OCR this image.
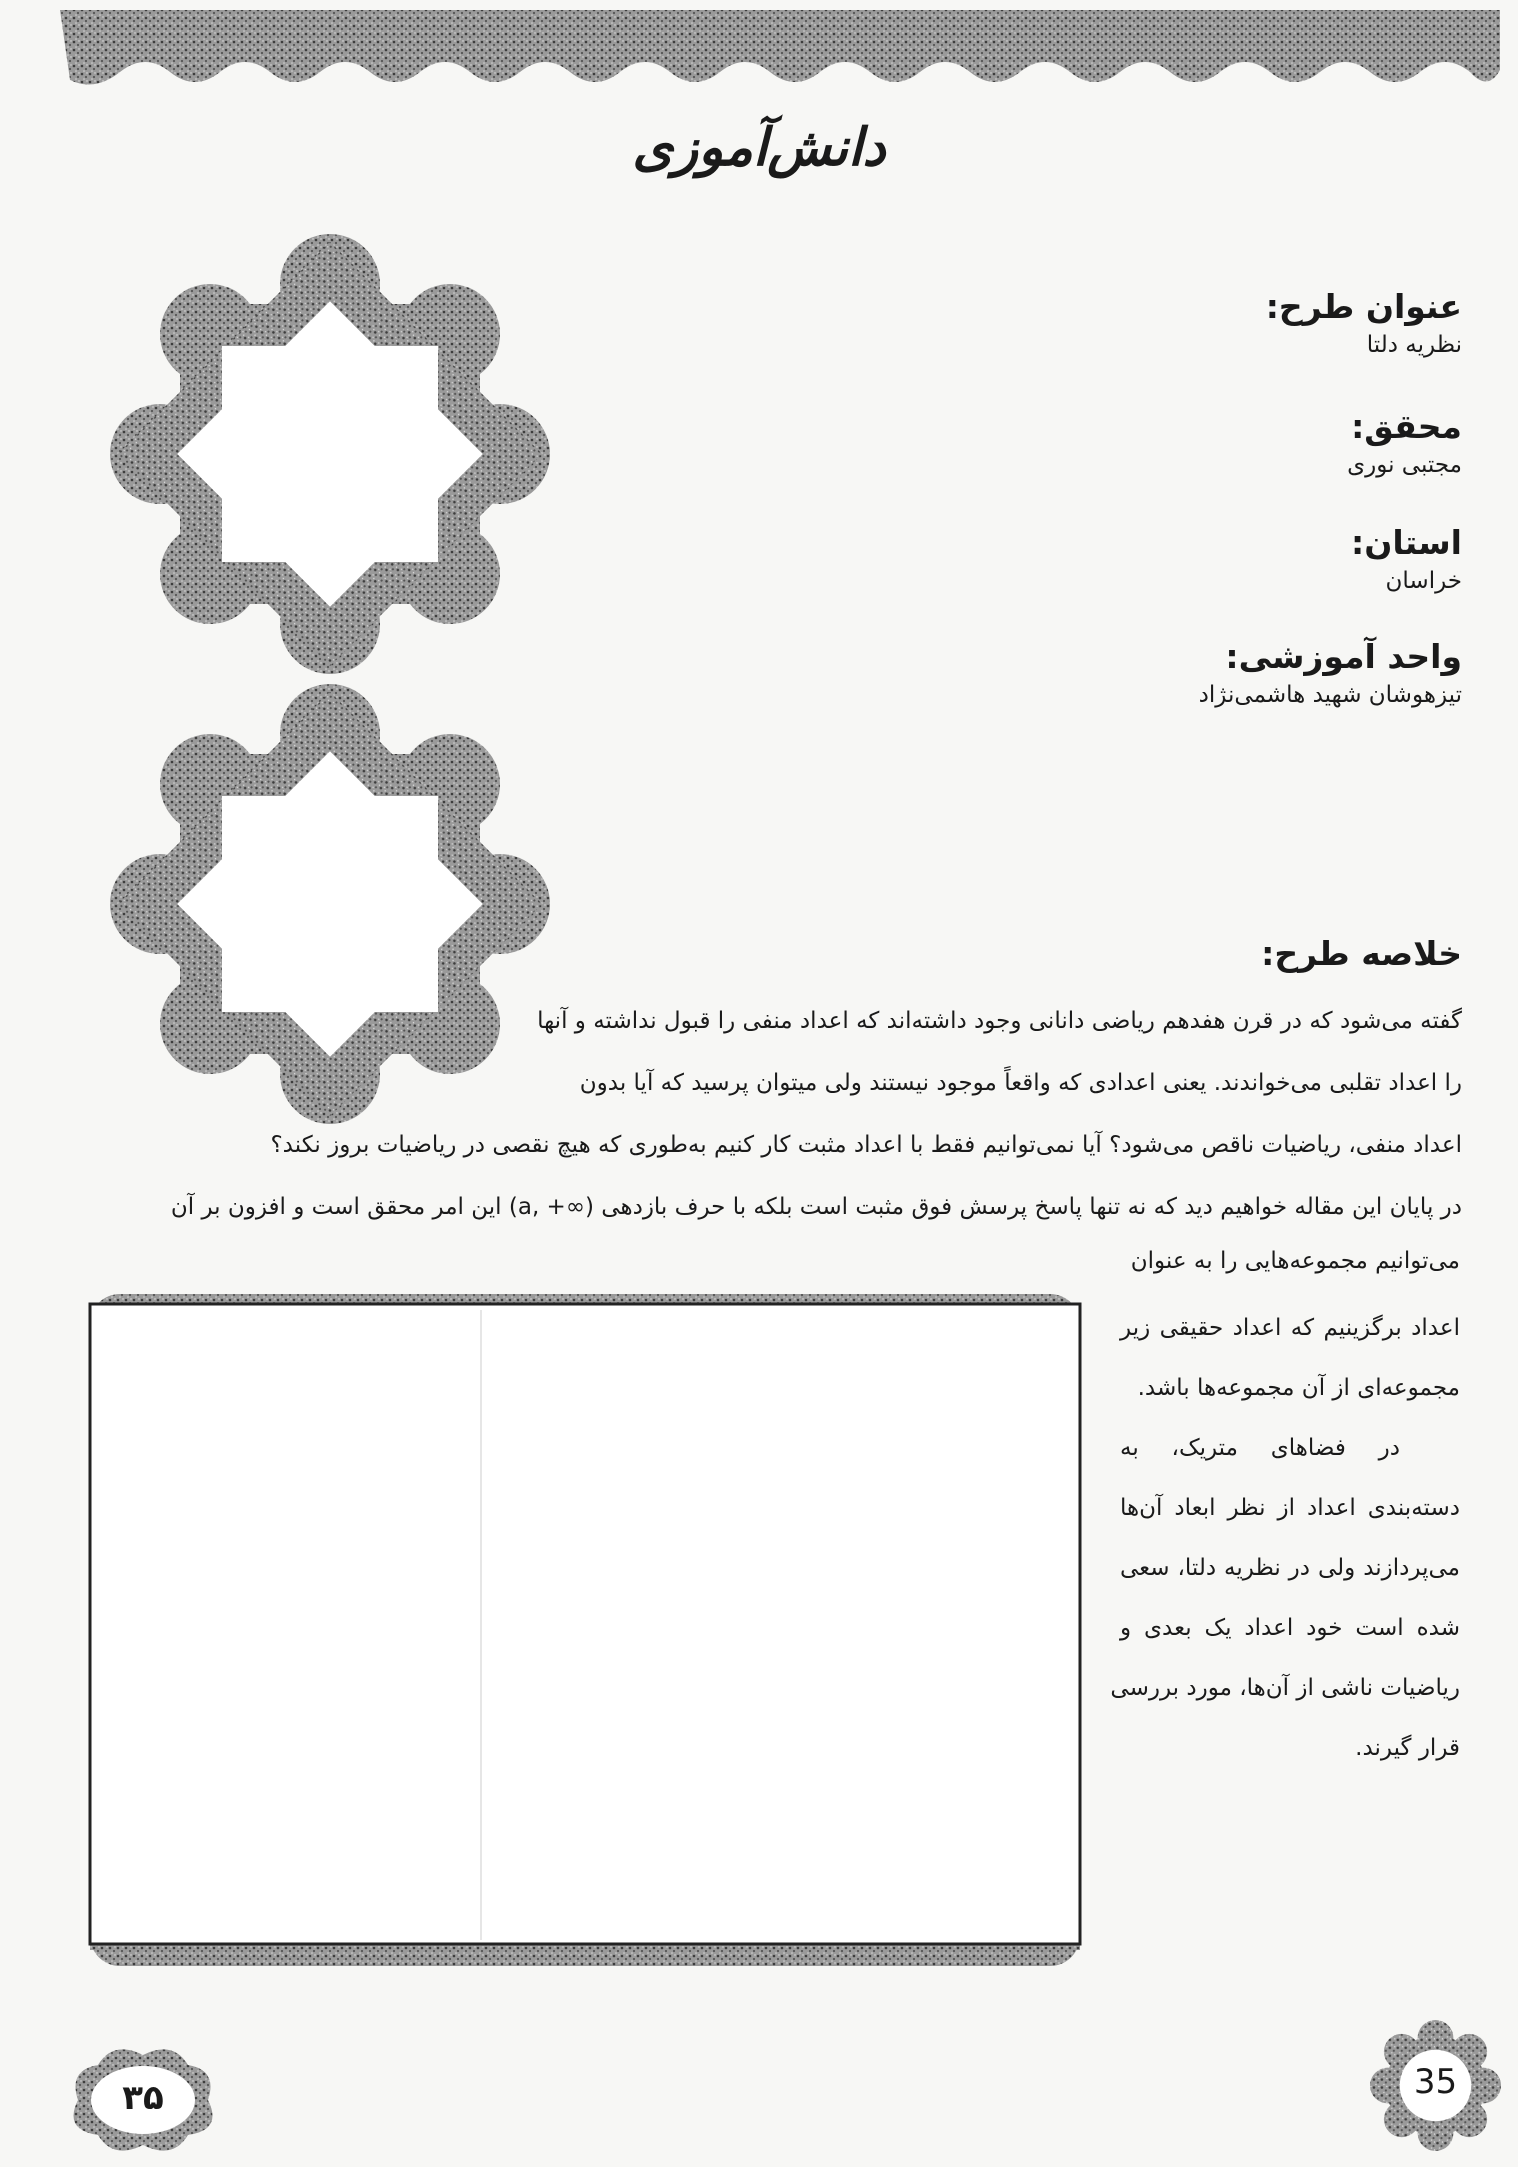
دانش‌آموزی
عنوان طرح:
نظریه دلتا
محقق:
مجتبی نوری
استان:
خراسان
واحد آموزشی:
تیزهوشان شهید هاشمی‌نژاد
خلاصه طرح:
گفته می‌شود که در قرن هفدهم ریاضی دانانی وجود داشته‌اند که اعداد منفی را قبول نداشته و آنها
را اعداد تقلبی می‌خواندند. یعنی اعدادی که واقعاً موجود نیستند ولی میتوان پرسید که آیا بدون
اعداد منفی، ریاضیات ناقص می‌شود؟ آیا نمی‌توانیم فقط با اعداد مثبت کار کنیم به‌طوری که هیچ نقصی در ریاضیات بروز نکند؟
در پایان این مقاله خواهیم دید که نه تنها پاسخ پرسش فوق مثبت است بلکه با حرف بازدهی (∞+ ,a) این امر محقق است و افزون بر آن
می‌توانیم مجموعه‌هایی را به عنوان
اعداد برگزینیم که اعداد حقیقی زیر
مجموعه‌ای از آن مجموعه‌ها باشد.
در فضاهای متریک، به
دسته‌بندی اعداد از نظر ابعاد آن‌ها
می‌پردازند ولی در نظریه دلتا، سعی
شده است خود اعداد یک بعدی و
ریاضیات ناشی از آن‌ها، مورد بررسی
قرار گیرند.
۳۵	35
